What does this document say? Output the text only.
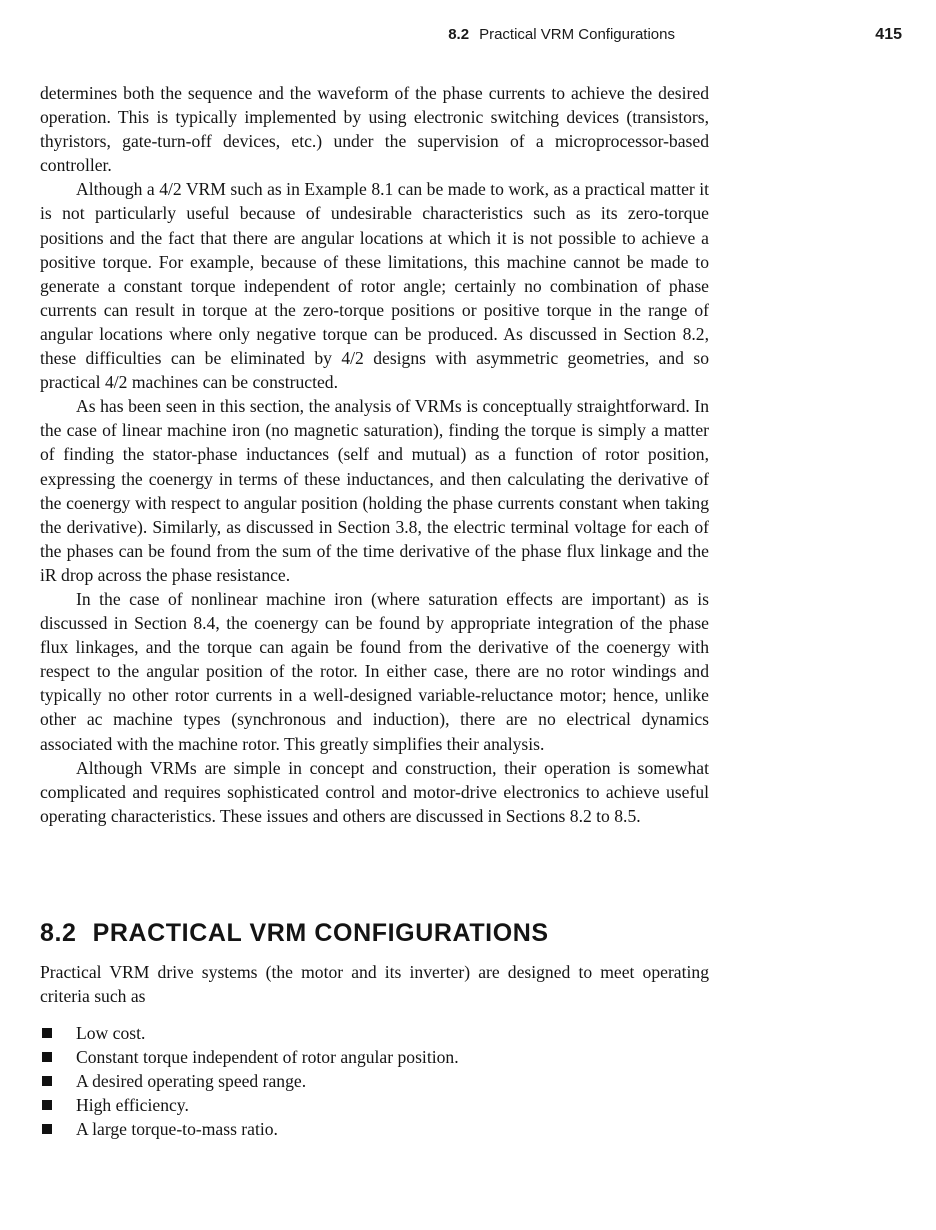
8.2 Practical VRM Configurations	415

determines both the sequence and the waveform of the phase currents to achieve the desired operation. This is typically implemented by using electronic switching devices (transistors, thyristors, gate-turn-off devices, etc.) under the supervision of a microprocessor-based controller.

Although a 4/2 VRM such as in Example 8.1 can be made to work, as a practical matter it is not particularly useful because of undesirable characteristics such as its zero-torque positions and the fact that there are angular locations at which it is not possible to achieve a positive torque. For example, because of these limitations, this machine cannot be made to generate a constant torque independent of rotor angle; certainly no combination of phase currents can result in torque at the zero-torque positions or positive torque in the range of angular locations where only negative torque can be produced. As discussed in Section 8.2, these difficulties can be eliminated by 4/2 designs with asymmetric geometries, and so practical 4/2 machines can be constructed.

As has been seen in this section, the analysis of VRMs is conceptually straightforward. In the case of linear machine iron (no magnetic saturation), finding the torque is simply a matter of finding the stator-phase inductances (self and mutual) as a function of rotor position, expressing the coenergy in terms of these inductances, and then calculating the derivative of the coenergy with respect to angular position (holding the phase currents constant when taking the derivative). Similarly, as discussed in Section 3.8, the electric terminal voltage for each of the phases can be found from the sum of the time derivative of the phase flux linkage and the iR drop across the phase resistance.

In the case of nonlinear machine iron (where saturation effects are important) as is discussed in Section 8.4, the coenergy can be found by appropriate integration of the phase flux linkages, and the torque can again be found from the derivative of the coenergy with respect to the angular position of the rotor. In either case, there are no rotor windings and typically no other rotor currents in a well-designed variable-reluctance motor; hence, unlike other ac machine types (synchronous and induction), there are no electrical dynamics associated with the machine rotor. This greatly simplifies their analysis.

Although VRMs are simple in concept and construction, their operation is somewhat complicated and requires sophisticated control and motor-drive electronics to achieve useful operating characteristics. These issues and others are discussed in Sections 8.2 to 8.5.

8.2 PRACTICAL VRM CONFIGURATIONS

Practical VRM drive systems (the motor and its inverter) are designed to meet operating criteria such as

Low cost.
Constant torque independent of rotor angular position.
A desired operating speed range.
High efficiency.
A large torque-to-mass ratio.
